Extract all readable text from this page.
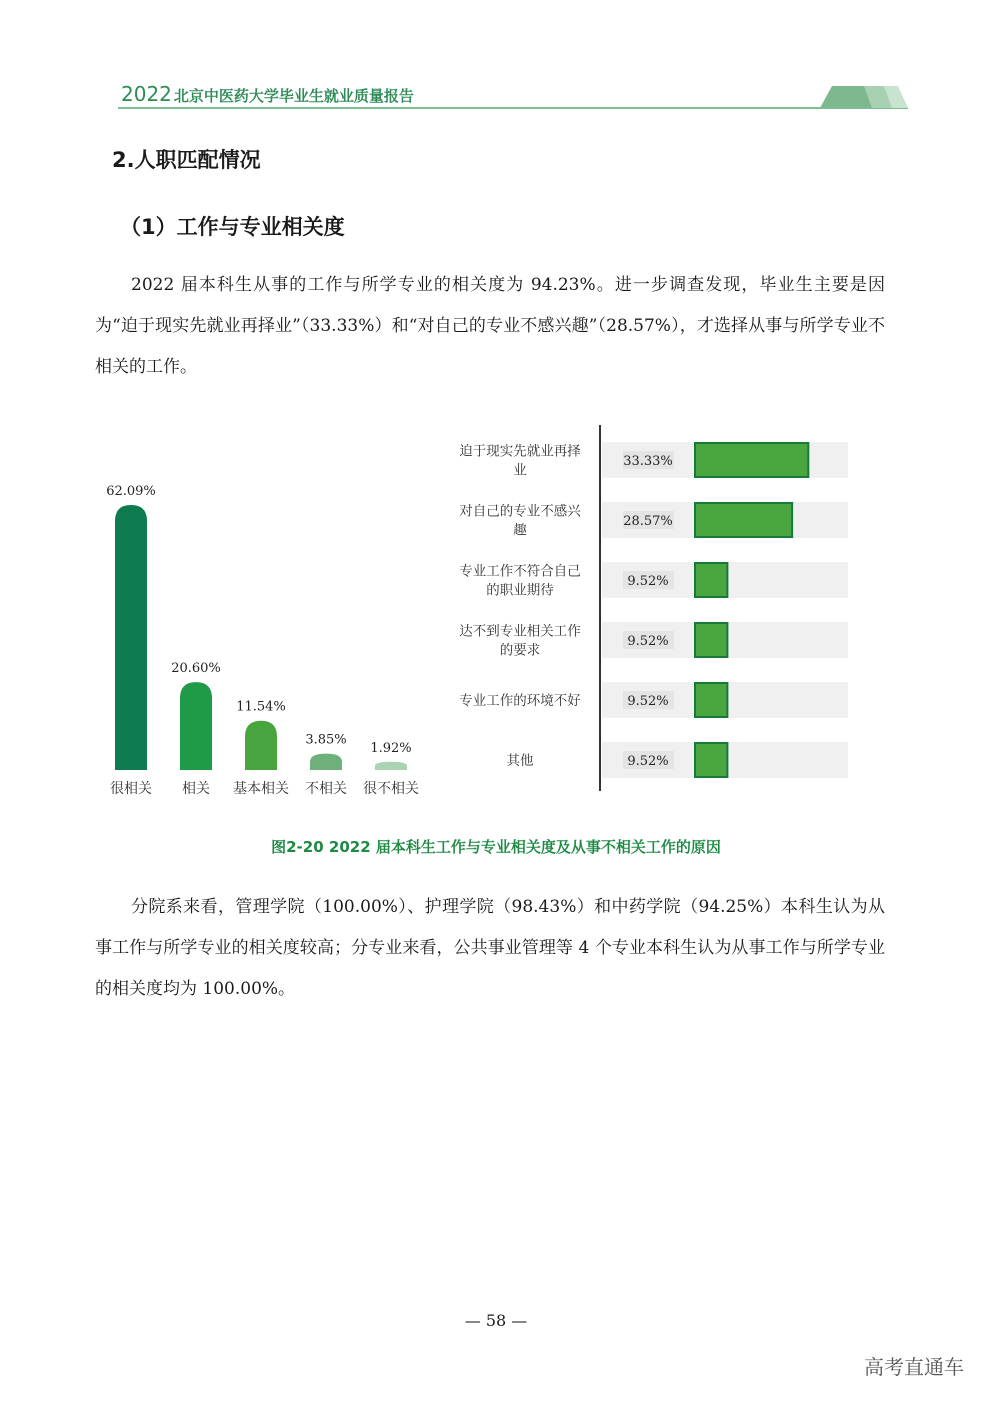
2022 北京中医药大学毕业生就业质量报告
2.人职匹配情况
（1）工作与专业相关度

2022 届本科生从事的工作与所学专业的相关度为 94.23%。进一步调查发现，毕业生主要是因为“迫于现实先就业再择业”（33.33%）和“对自己的专业不感兴趣”（28.57%），才选择从事与所学专业不相关的工作。

62.09%
很相关
20.60%
相关
11.54%
基本相关
3.85%
不相关
1.92%
很不相关
33.33%
迫于现实先就业再择
业
28.57%
对自己的专业不感兴
趣
9.52%
专业工作不符合自己
的职业期待
9.52%
达不到专业相关工作
的要求
9.52%
专业工作的环境不好
9.52%
其他
图2-20 2022 届本科生工作与专业相关度及从事不相关工作的原因

分院系来看，管理学院（100.00%）、护理学院（98.43%）和中药学院（94.25%）本科生认为从事工作与所学专业的相关度较高；分专业来看，公共事业管理等 4 个专业本科生认为从事工作与所学专业的相关度均为 100.00%。

— 58 —
高考直通车
